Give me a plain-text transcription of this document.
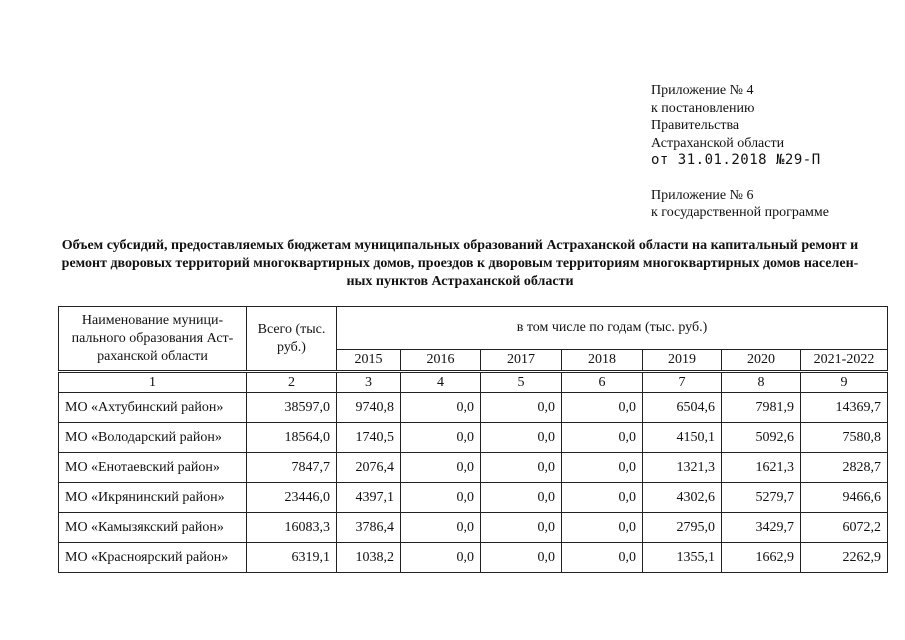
Приложение № 4
к постановлению
Правительства
Астраханской области
от 31.01.2018 №29-П
Приложение № 6
к государственной программе
Объем субсидий, предоставляемых бюджетам муниципальных образований Астраханской области на капитальный ремонт и
ремонт дворовых территорий многоквартирных домов, проездов к дворовым территориям многоквартирных домов населен-
ных пунктов Астраханской области
Наименование муници- пального образования Аст- раханской области	Всего (тыс. руб.)	в том числе по годам (тыс. руб.)						
		2015	2016	2017	2018	2019	2020	2021-2022
1	2	3	4	5	6	7	8	9
МО «Ахтубинский район»	38597,0	9740,8	0,0	0,0	0,0	6504,6	7981,9	14369,7
МО «Володарский район»	18564,0	1740,5	0,0	0,0	0,0	4150,1	5092,6	7580,8
МО «Енотаевский район»	7847,7	2076,4	0,0	0,0	0,0	1321,3	1621,3	2828,7
МО «Икрянинский район»	23446,0	4397,1	0,0	0,0	0,0	4302,6	5279,7	9466,6
МО «Камызякский район»	16083,3	3786,4	0,0	0,0	0,0	2795,0	3429,7	6072,2
МО «Красноярский район»	6319,1	1038,2	0,0	0,0	0,0	1355,1	1662,9	2262,9
